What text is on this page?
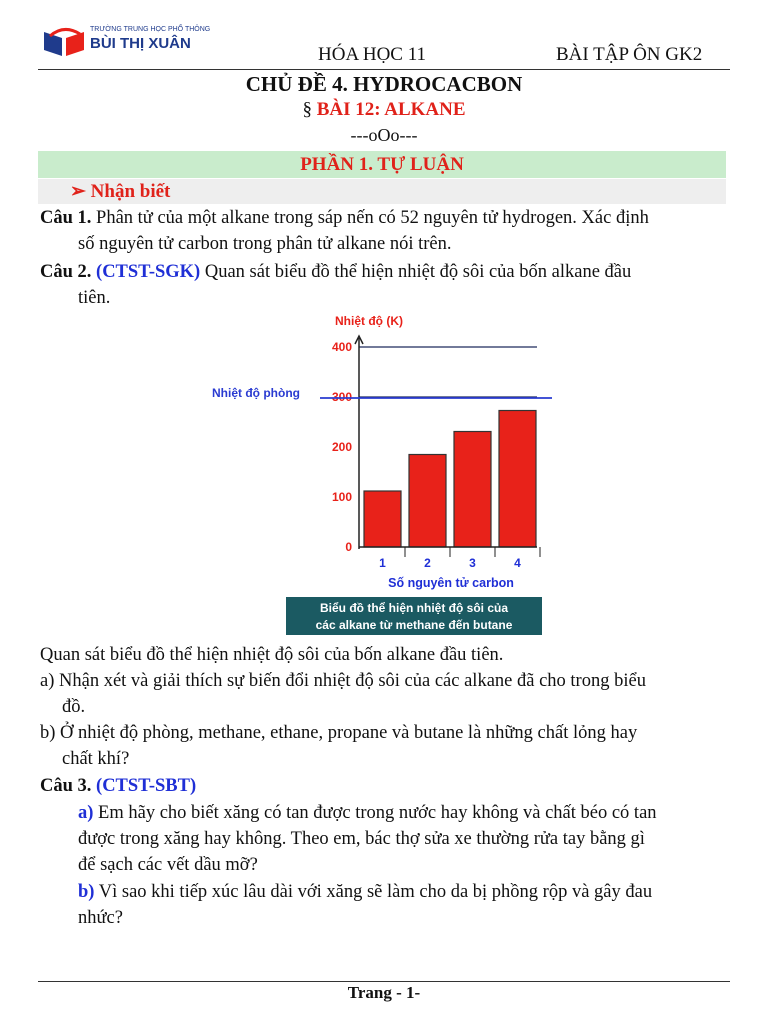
TRƯỜNG TRUNG HỌC PHỔ THÔNG
BÙI THỊ XUÂN
HÓA HỌC 11	BÀI TẬP ÔN GK2
CHỦ ĐỀ 4. HYDROCACBON
§ BÀI 12: ALKANE
---oOo---
PHẦN 1. TỰ LUẬN
➢ Nhận biết
Câu 1. Phân tử của một alkane trong sáp nến có 52 nguyên tử hydrogen. Xác định
số nguyên tử carbon trong phân tử alkane nói trên.
Câu 2. (CTST-SGK) Quan sát biểu đồ thể hiện nhiệt độ sôi của bốn alkane đầu
tiên.
Nhiệt độ (K)
0
100
200
300
400
1	2	3	4
Nhiệt độ phòng
Số nguyên tử carbon
Biểu đồ thể hiện nhiệt độ sôi của
các alkane từ methane đến butane
Quan sát biểu đồ thể hiện nhiệt độ sôi của bốn alkane đầu tiên.
a) Nhận xét và giải thích sự biến đổi nhiệt độ sôi của các alkane đã cho trong biểu
đồ.
b) Ở nhiệt độ phòng, methane, ethane, propane và butane là những chất lỏng hay
chất khí?
Câu 3. (CTST-SBT)
a) Em hãy cho biết xăng có tan được trong nước hay không và chất béo có tan
được trong xăng hay không. Theo em, bác thợ sửa xe thường rửa tay bằng gì
để sạch các vết dầu mỡ?
b) Vì sao khi tiếp xúc lâu dài với xăng sẽ làm cho da bị phồng rộp và gây đau
nhức?
Trang - 1-
